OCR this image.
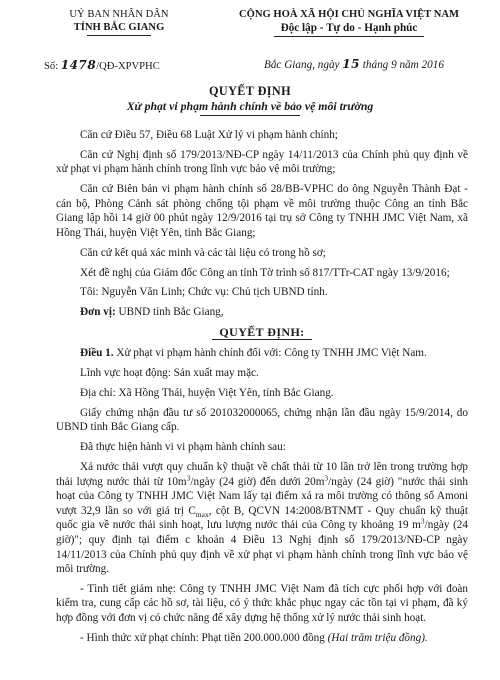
UỶ BAN NHÂN DÂN
TỈNH BẮC GIANG
CỘNG HOÀ XÃ HỘI CHỦ NGHĨA VIỆT NAM
Độc lập - Tự do - Hạnh phúc
Số: 1478/QĐ-XPVPHC	Bắc Giang, ngày 15 tháng 9 năm 2016
QUYẾT ĐỊNH
Xử phạt vi phạm hành chính về bảo vệ môi trường

Căn cứ Điều 57, Điều 68 Luật Xử lý vi phạm hành chính;

Căn cứ Nghị định số 179/2013/NĐ-CP ngày 14/11/2013 của Chính phủ quy định về xử phạt vi phạm hành chính trong lĩnh vực bảo vệ môi trường;

Căn cứ Biên bản vi phạm hành chính số 28/BB-VPHC do ông Nguyễn Thành Đạt - cán bộ, Phòng Cảnh sát phòng chống tội phạm về môi trường thuộc Công an tỉnh Bắc Giang lập hồi 14 giờ 00 phút ngày 12/9/2016 tại trụ sở Công ty TNHH JMC Việt Nam, xã Hồng Thái, huyện Việt Yên, tỉnh Bắc Giang;

Căn cứ kết quả xác minh và các tài liệu có trong hồ sơ;

Xét đề nghị của Giám đốc Công an tỉnh Tờ trình số 817/TTr-CAT ngày 13/9/2016;

Tôi: Nguyễn Văn Linh; Chức vụ: Chủ tịch UBND tỉnh.

Đơn vị: UBND tỉnh Bắc Giang,

QUYẾT ĐỊNH:

Điều 1. Xử phạt vi phạm hành chính đối với: Công ty TNHH JMC Việt Nam.

Lĩnh vực hoạt động: Sản xuất may mặc.

Địa chỉ: Xã Hồng Thái, huyện Việt Yên, tỉnh Bắc Giang.

Giấy chứng nhận đầu tư số 201032000065, chứng nhận lần đầu ngày 15/9/2014, do UBND tỉnh Bắc Giang cấp.

Đã thực hiện hành vi vi phạm hành chính sau:

Xả nước thải vượt quy chuẩn kỹ thuật về chất thải từ 10 lần trở lên trong trường hợp thải lượng nước thải từ $10m^3$/ngày (24 giờ) đến dưới $20m^3$/ngày (24 giờ) "nước thải sinh hoạt của Công ty TNHH JMC Việt Nam lấy tại điểm xả ra môi trường có thông số Amoni vượt 32,9 lần so với giá trị $C_{max}$, cột B, QCVN 14:2008/BTNMT - Quy chuẩn kỹ thuật quốc gia về nước thải sinh hoạt, lưu lượng nước thải của Công ty khoảng 19 $m^3$/ngày (24 giờ)"; quy định tại điểm c khoản 4 Điều 13 Nghị định số 179/2013/NĐ-CP ngày 14/11/2013 của Chính phủ quy định về xử phạt vi phạm hành chính trong lĩnh vực bảo vệ môi trường.

- Tình tiết giảm nhẹ: Công ty TNHH JMC Việt Nam đã tích cực phối hợp với đoàn kiểm tra, cung cấp các hồ sơ, tài liệu, có ý thức khắc phục ngay các tồn tại vi phạm, đã ký hợp đồng với đơn vị có chức năng để xây dựng hệ thống xử lý nước thải sinh hoạt.

- Hình thức xử phạt chính: Phạt tiền 200.000.000 đồng (Hai trăm triệu đồng).
